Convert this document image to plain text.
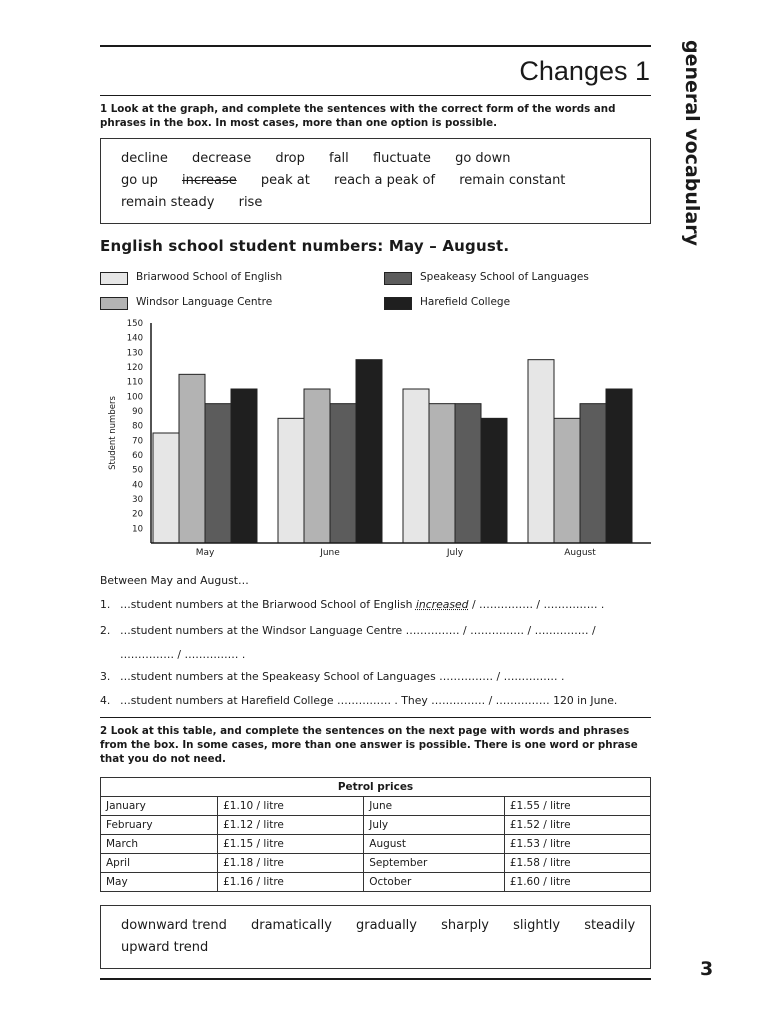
Changes 1 general vocabulary
1 Look at the graph, and complete the sentences with the correct form of the words and phrases in the box. In most cases, more than one option is possible.
decline decrease drop fall fluctuate go down
go up increase peak at reach a peak of remain constant
remain steady rise
English school student numbers: May – August.
Briarwood School of English
Windsor Language Centre
Speakeasy School of Languages
Harefield College
May	June	July	August
10
20
30
40
50
60
70
80
90
100
110
120
130
140
150
Student numbers
Between May and August…
1. …student numbers at the Briarwood School of English increased / …………… / …………… .
2. …student numbers at the Windsor Language Centre …………… / …………… / …………… /
…………… / …………… .
3. …student numbers at the Speakeasy School of Languages …………… / …………… .
4. …student numbers at Harefield College …………… . They …………… / …………… 120 in June.
2 Look at this table, and complete the sentences on the next page with words and phrases from the box. In some cases, more than one answer is possible. There is one word or phrase that you do not need.
Petrol prices			
January	£1.10 / litre	June	£1.55 / litre
February	£1.12 / litre	July	£1.52 / litre
March	£1.15 / litre	August	£1.53 / litre
April	£1.18 / litre	September	£1.58 / litre
May	£1.16 / litre	October	£1.60 / litre
downward trend dramatically gradually sharply slightly steadily
upward trend
3
